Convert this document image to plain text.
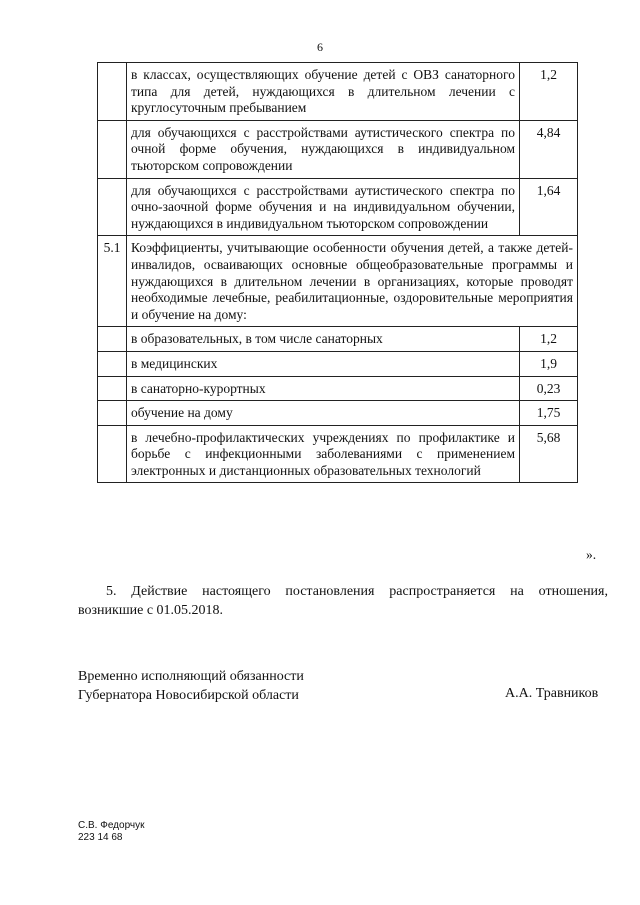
6
	в классах, осуществляющих обучение детей с ОВЗ санаторного типа для детей, нуждающихся в длительном лечении с круглосуточным пребыванием	1,2
	для обучающихся с расстройствами аутистического спектра по очной форме обучения, нуждающихся в индивидуальном тьюторском сопровождении	4,84
	для обучающихся с расстройствами аутистического спектра по очно-заочной форме обучения и на индивидуальном обучении, нуждающихся в индивидуальном тьюторском сопровождении	1,64
5.1	Коэффициенты, учитывающие особенности обучения детей, а также детей-инвалидов, осваивающих основные общеобразовательные программы и нуждающихся в длительном лечении в организациях, которые проводят необходимые лечебные, реабилитационные, оздоровительные мероприятия и обучение на дому:	
	в образовательных, в том числе санаторных	1,2
	в медицинских	1,9
	в санаторно-курортных	0,23
	обучение на дому	1,75
	в лечебно-профилактических учреждениях по профилактике и борьбе с инфекционными заболеваниями с применением электронных и дистанционных образовательных технологий	5,68
».
5. Действие настоящего постановления распространяется на отношения, возникшие с 01.05.2018.
Временно исполняющий обязанности
Губернатора Новосибирской области	А.А. Травников
С.В. Федорчук
223 14 68
